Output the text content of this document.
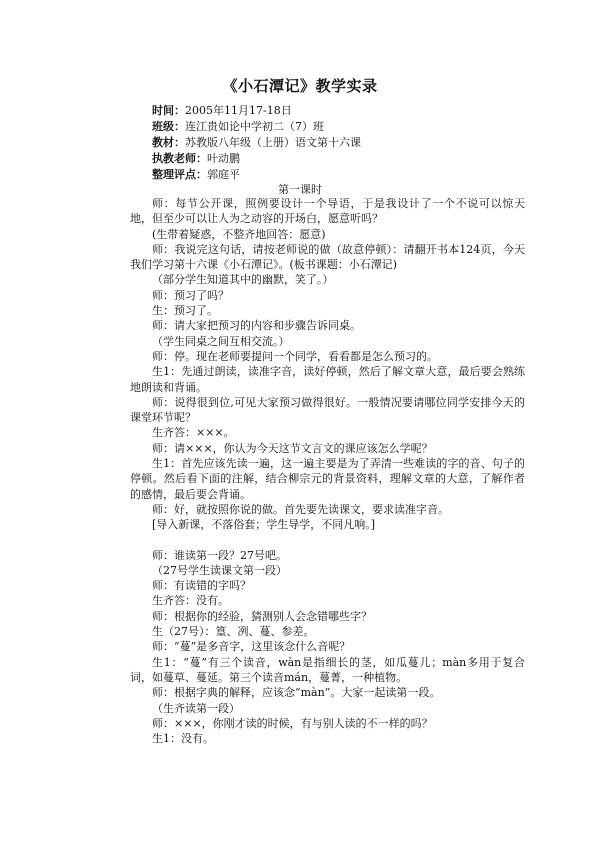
《小石潭记》教学实录
时间：2005年11月17-18日
班级：连江贵如论中学初二（7）班
教材：苏教版八年级（上册）语文第十六课
执教老师：叶动鹏
整理评点：郭庭平
第一课时

师：每节公开课，照例要设计一个导语，于是我设计了一个不说可以惊天地，但至少可以让人为之动容的开场白，愿意听吗？

(生带着疑惑，不整齐地回答：愿意)

师：我说完这句话，请按老师说的做（故意停顿）：请翻开书本124页，今天我们学习第十六课《小石潭记》。(板书课题：小石潭记)

（部分学生知道其中的幽默，笑了。）

师：预习了吗？

生：预习了。

师：请大家把预习的内容和步骤告诉同桌。

（学生同桌之间互相交流。）

师：停。现在老师要提问一个同学，看看都是怎么预习的。

生1：先通过朗读，读准字音，读好停顿，然后了解文章大意，最后要会熟练地朗读和背诵。

师：说得很到位,可见大家预习做得很好。一般情况要请哪位同学安排今天的课堂环节呢？

生齐答：×××。

师：请×××，你认为今天这节文言文的课应该怎么学呢？

生1：首先应该先读一遍，这一遍主要是为了弄清一些难读的字的音、句子的停顿。然后看下面的注解，结合柳宗元的背景资料，理解文章的大意，了解作者的感情，最后要会背诵。

师：好，就按照你说的做。首先要先读课文，要求读准字音。

[导入新课，不落俗套；学生导学，不同凡响。]

师：谁读第一段？27号吧。

（27号学生读课文第一段）

师：有读错的字吗？

生齐答：没有。

师：根据你的经验，猜测别人会念错哪些字？

生（27号）：篁、冽、蔓、参差。

师：“蔓”是多音字，这里该念什么音呢？

生1：“蔓”有三个读音，wàn是指细长的茎，如瓜蔓儿；màn多用于复合词，如蔓草、蔓延。第三个读音mán，蔓菁，一种植物。

师：根据字典的解释，应该念“màn”。大家一起读第一段。

（生齐读第一段）

师：×××，你刚才读的时候，有与别人读的不一样的吗？

生1：没有。
